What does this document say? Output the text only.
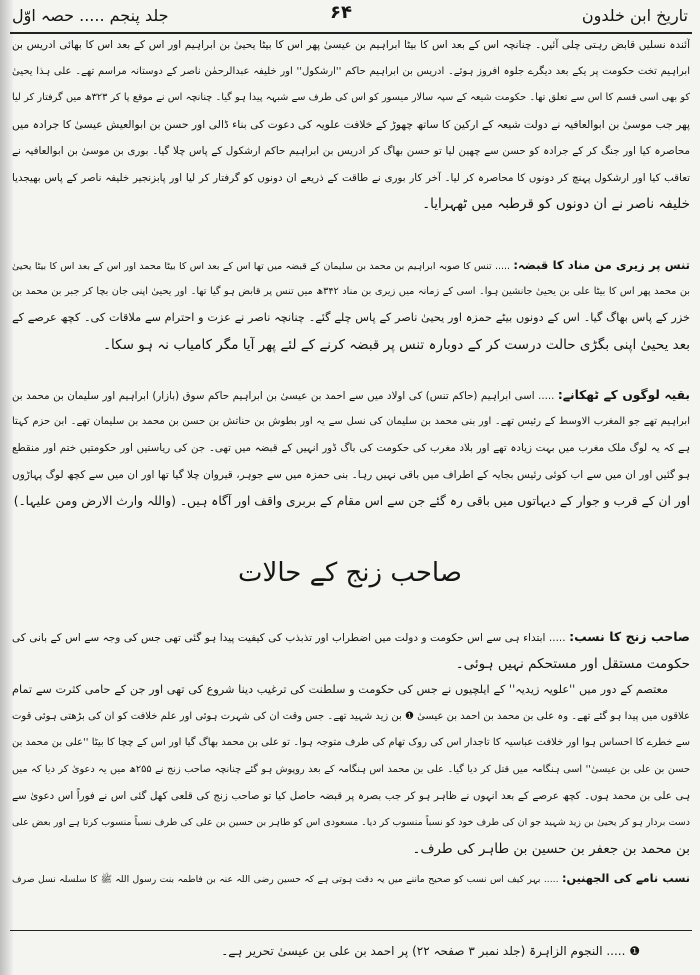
تاریخ ابن خلدون
۶۴
جلد پنجم ..... حصہ اوّل
آئندہ نسلیں قابض رہتی چلی آئیں۔ چنانچہ اس کے بعد اس کا بیٹا ابراہیم بن عیسیٰ پھر اس کا بیٹا یحییٰ بن ابراہیم اور اس کے بعد اس کا بھائی ادریس بن
ابراہیم تخت حکومت پر یکے بعد دیگرے جلوہ افروز ہوئے۔ ادریس بن ابراہیم حاکم ''ارشکول'' اور خلیفہ عبدالرحمٰن ناصر کے دوستانہ مراسم تھے۔ علی ہذا یحییٰ
کو بھی اسی قسم کا اس سے تعلق تھا۔ حکومت شیعہ کے سپہ سالار میسور کو اس کی طرف سے شبہہ پیدا ہو گیا۔ چنانچہ اس نے موقع پا کر ۳۲۳ھ میں گرفتار کر لیا
پھر جب موسیٰ بن ابوالعافیہ نے دولت شیعہ کے ارکین کا ساتھ چھوڑ کے خلافت علویہ کی دعوت کی بناء ڈالی اور حسن بن ابوالعیش عیسیٰ کا جرادہ میں
محاصرہ کیا اور جنگ کر کے جرادہ کو حسن سے چھین لیا تو حسن بھاگ کر ادریس بن ابراہیم حاکم ارشکول کے پاس چلا گیا۔ بوری بن موسیٰ بن ابوالعافیہ نے
تعاقب کیا اور ارشکول پہنچ کر دونوں کا محاصرہ کر لیا۔ آخر کار بوری نے طاقت کے ذریعے ان دونوں کو گرفتار کر لیا اور پابزنجیر خلیفہ ناصر کے پاس بھیجدیا
خلیفہ ناصر نے ان دونوں کو قرطبہ میں ٹھہرایا۔
تنس پر زیری من مناد کا قبضہ: ..... تنس کا صوبہ ابراہیم بن محمد بن سلیمان کے قبضہ میں تھا اس کے بعد اس کا بیٹا محمد اور اس کے بعد اس کا بیٹا یحییٰ
بن محمد پھر اس کا بیٹا علی بن یحییٰ جانشین ہوا۔ اسی کے زمانہ میں زیری بن مناد ۳۴۲ھ میں تنس پر قابض ہو گیا تھا۔ اور یحییٰ اپنی جان بچا کر جبر بن محمد بن
خزر کے پاس بھاگ گیا۔ اس کے دونوں بیٹے حمزہ اور یحییٰ ناصر کے پاس چلے گئے۔ چنانچہ ناصر نے عزت و احترام سے ملاقات کی۔ کچھ عرصے کے
بعد یحییٰ اپنی بگڑی حالت درست کر کے دوبارہ تنس پر قبضہ کرنے کے لئے پھر آیا مگر کامیاب نہ ہو سکا۔
بقیہ لوگوں کے ٹھکانے: ..... اسی ابراہیم (حاکم تنس) کی اولاد میں سے احمد بن عیسیٰ بن ابراہیم حاکم سوق (بازار) ابراہیم اور سلیمان بن محمد بن
ابراہیم تھے جو المغرب الاوسط کے رئیس تھے۔ اور بنی محمد بن سلیمان کی نسل سے یہ اور بطوش بن حناتش بن حسن بن محمد بن سلیمان تھے۔ ابن حزم کہتا
ہے کہ یہ لوگ ملک مغرب میں بہت زیادہ تھے اور بلاد مغرب کی حکومت کی باگ ڈور انہیں کے قبضہ میں تھی۔ جن کی ریاستیں اور حکومتیں ختم اور منقطع
ہو گئیں اور ان میں سے اب کوئی رئیس بجایہ کے اطراف میں باقی نہیں رہا۔ بنی حمزہ میں سے جوہر، قیروان چلا گیا تھا اور ان میں سے کچھ لوگ پہاڑوں
اور ان کے قرب و جوار کے دیہاتوں میں باقی رہ گئے جن سے اس مقام کے بربری واقف اور آگاہ ہیں۔ (واللہ وارث الارض ومن علیہا۔)
صاحب زنج کے حالات
صاحب زنج کا نسب: ..... ابتداء ہی سے اس حکومت و دولت میں اضطراب اور تذبذب کی کیفیت پیدا ہو گئی تھی جس کی وجہ سے اس کے بانی کی
حکومت مستقل اور مستحکم نہیں ہوئی۔
معتصم کے دور میں ''علویہ زیدیہ'' کے ایلچیوں نے جس کی حکومت و سلطنت کی ترغیب دینا شروع کی تھی اور جن کے حامی کثرت سے تمام
علاقوں میں پیدا ہو گئے تھے۔ وہ علی بن محمد بن احمد بن عیسیٰ ❶ بن زید شہید تھے۔ جس وقت ان کی شہرت ہوئی اور علم خلافت کو ان کی بڑھتی ہوئی قوت
سے خطرے کا احساس ہوا اور خلافت عباسیہ کا تاجدار اس کی روک تھام کی طرف متوجہ ہوا۔ تو علی بن محمد بھاگ گیا اور اس کے چچا کا بیٹا ''علی بن محمد بن
حسن بن علی بن عیسیٰ'' اسی ہنگامہ میں قتل کر دیا گیا۔ علی بن محمد اس ہنگامہ کے بعد روپوش ہو گئے چنانچہ صاحب زنج نے ۲۵۵ھ میں یہ دعویٰ کر دیا کہ میں
ہی علی بن محمد ہوں۔ کچھ عرصے کے بعد انہوں نے ظاہر ہو کر جب بصرہ پر قبضہ حاصل کیا تو صاحب زنج کی قلعی کھل گئی اس نے فوراً اس دعویٰ سے
دست بردار ہو کر یحییٰ بن زید شہید جو ان کی طرف خود کو نسباً منسوب کر دیا۔ مسعودی اس کو طاہر بن حسین بن علی کی طرف نسباً منسوب کرتا ہے اور بعض علی
بن محمد بن جعفر بن حسین بن طاہر کی طرف۔
نسب نامے کی الجھنیں: ..... بہر کیف اس نسب کو صحیح ماننے میں یہ دقت ہوتی ہے کہ حسین رضی اللہ عنہ بن فاطمہ بنت رسول اللہ ﷺ کا سلسلہ نسل صرف
❶ ..... النجوم الزاہرۃ (جلد نمبر ۳ صفحہ ۲۲) پر احمد بن علی بن عیسیٰ تحریر ہے۔
